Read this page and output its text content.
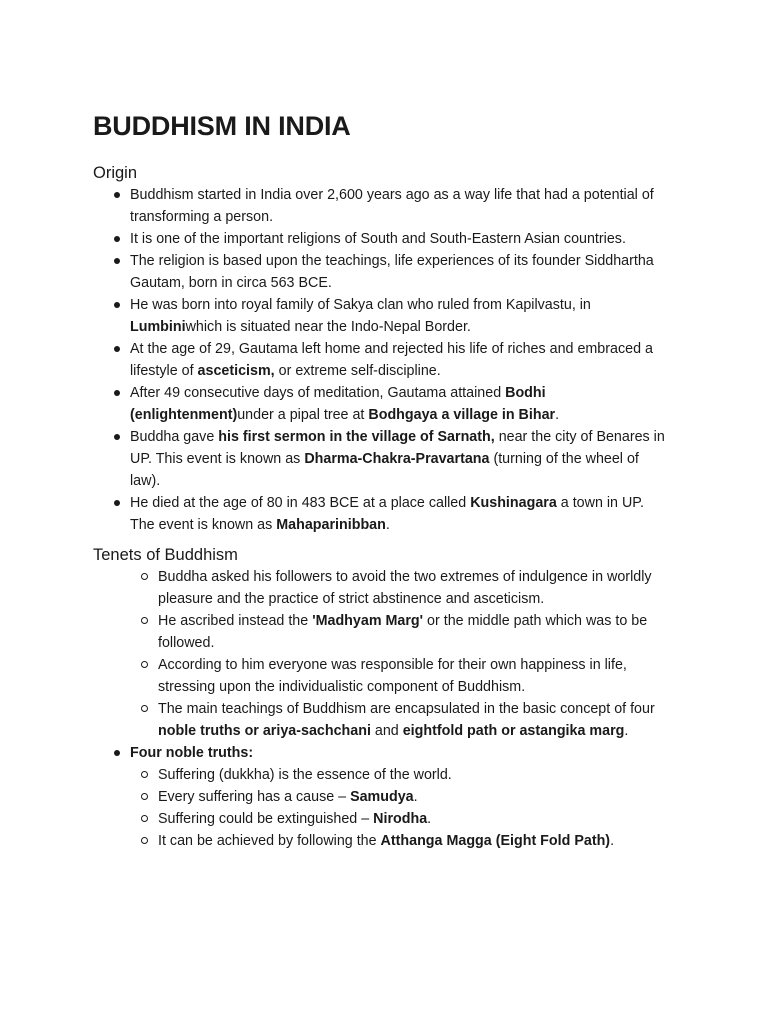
BUDDHISM IN INDIA
Origin
Buddhism started in India over 2,600 years ago as a way life that had a potential of transforming a person.
It is one of the important religions of South and South-Eastern Asian countries.
The religion is based upon the teachings, life experiences of its founder Siddhartha Gautam, born in circa 563 BCE.
He was born into royal family of Sakya clan who ruled from Kapilvastu, in Lumbiniwhich is situated near the Indo-Nepal Border.
At the age of 29, Gautama left home and rejected his life of riches and embraced a lifestyle of asceticism, or extreme self-discipline.
After 49 consecutive days of meditation, Gautama attained Bodhi (enlightenment)under a pipal tree at Bodhgaya a village in Bihar.
Buddha gave his first sermon in the village of Sarnath, near the city of Benares in UP. This event is known as Dharma-Chakra-Pravartana (turning of the wheel of law).
He died at the age of 80 in 483 BCE at a place called Kushinagara a town in UP. The event is known as Mahaparinibban.
Tenets of Buddhism
Buddha asked his followers to avoid the two extremes of indulgence in worldly pleasure and the practice of strict abstinence and asceticism.
He ascribed instead the 'Madhyam Marg' or the middle path which was to be followed.
According to him everyone was responsible for their own happiness in life, stressing upon the individualistic component of Buddhism.
The main teachings of Buddhism are encapsulated in the basic concept of four noble truths or ariya-sachchani and eightfold path or astangika marg.
Four noble truths:
Suffering (dukkha) is the essence of the world.
Every suffering has a cause – Samudya.
Suffering could be extinguished – Nirodha.
It can be achieved by following the Atthanga Magga (Eight Fold Path).
